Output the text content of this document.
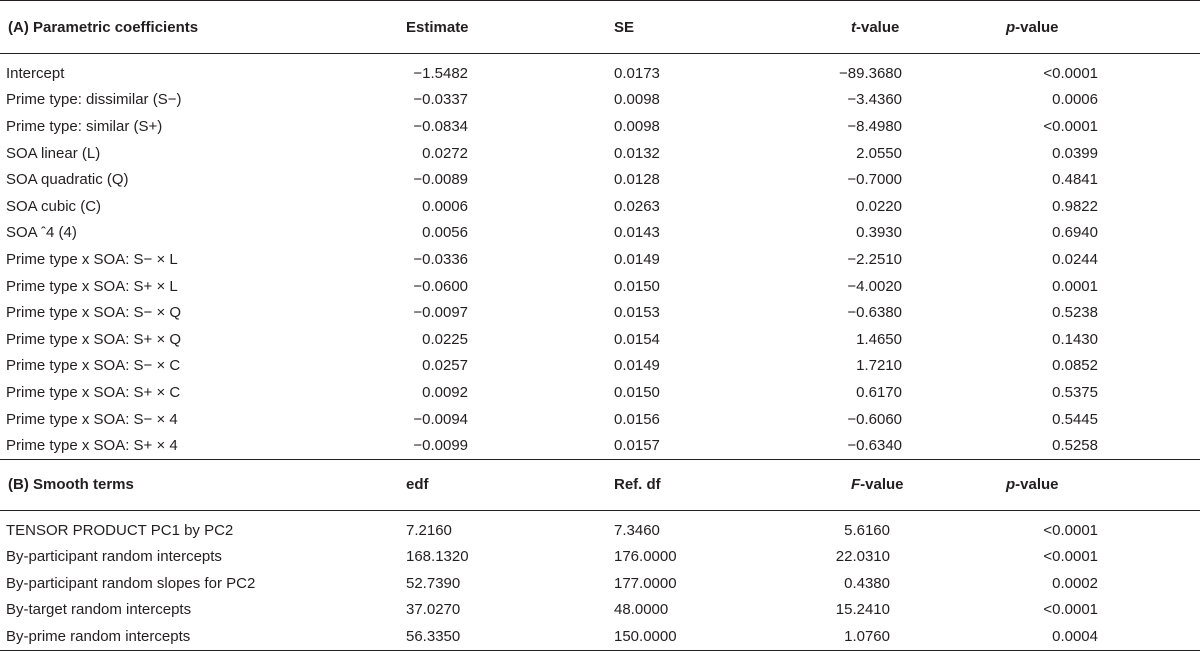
(A) Parametric coefficients	Estimate	SE	t-value	p-value
Intercept	−1.5482	0.0173	−89.3680	<0.0001
Prime type: dissimilar (S−)	−0.0337	0.0098	−3.4360	0.0006
Prime type: similar (S+)	−0.0834	0.0098	−8.4980	<0.0001
SOA linear (L)	0.0272	0.0132	2.0550	0.0399
SOA quadratic (Q)	−0.0089	0.0128	−0.7000	0.4841
SOA cubic (C)	0.0006	0.0263	0.0220	0.9822
SOA ˆ4 (4)	0.0056	0.0143	0.3930	0.6940
Prime type x SOA: S− × L	−0.0336	0.0149	−2.2510	0.0244
Prime type x SOA: S+ × L	−0.0600	0.0150	−4.0020	0.0001
Prime type x SOA: S− × Q	−0.0097	0.0153	−0.6380	0.5238
Prime type x SOA: S+ × Q	0.0225	0.0154	1.4650	0.1430
Prime type x SOA: S− × C	0.0257	0.0149	1.7210	0.0852
Prime type x SOA: S+ × C	0.0092	0.0150	0.6170	0.5375
Prime type x SOA: S− × 4	−0.0094	0.0156	−0.6060	0.5445
Prime type x SOA: S+ × 4	−0.0099	0.0157	−0.6340	0.5258
(B) Smooth terms	edf	Ref. df	F-value	p-value
TENSOR PRODUCT PC1 by PC2	7.2160	7.3460	5.6160	<0.0001
By-participant random intercepts	168.1320	176.0000	22.0310	<0.0001
By-participant random slopes for PC2	52.7390	177.0000	0.4380	0.0002
By-target random intercepts	37.0270	48.0000	15.2410	<0.0001
By-prime random intercepts	56.3350	150.0000	1.0760	0.0004
